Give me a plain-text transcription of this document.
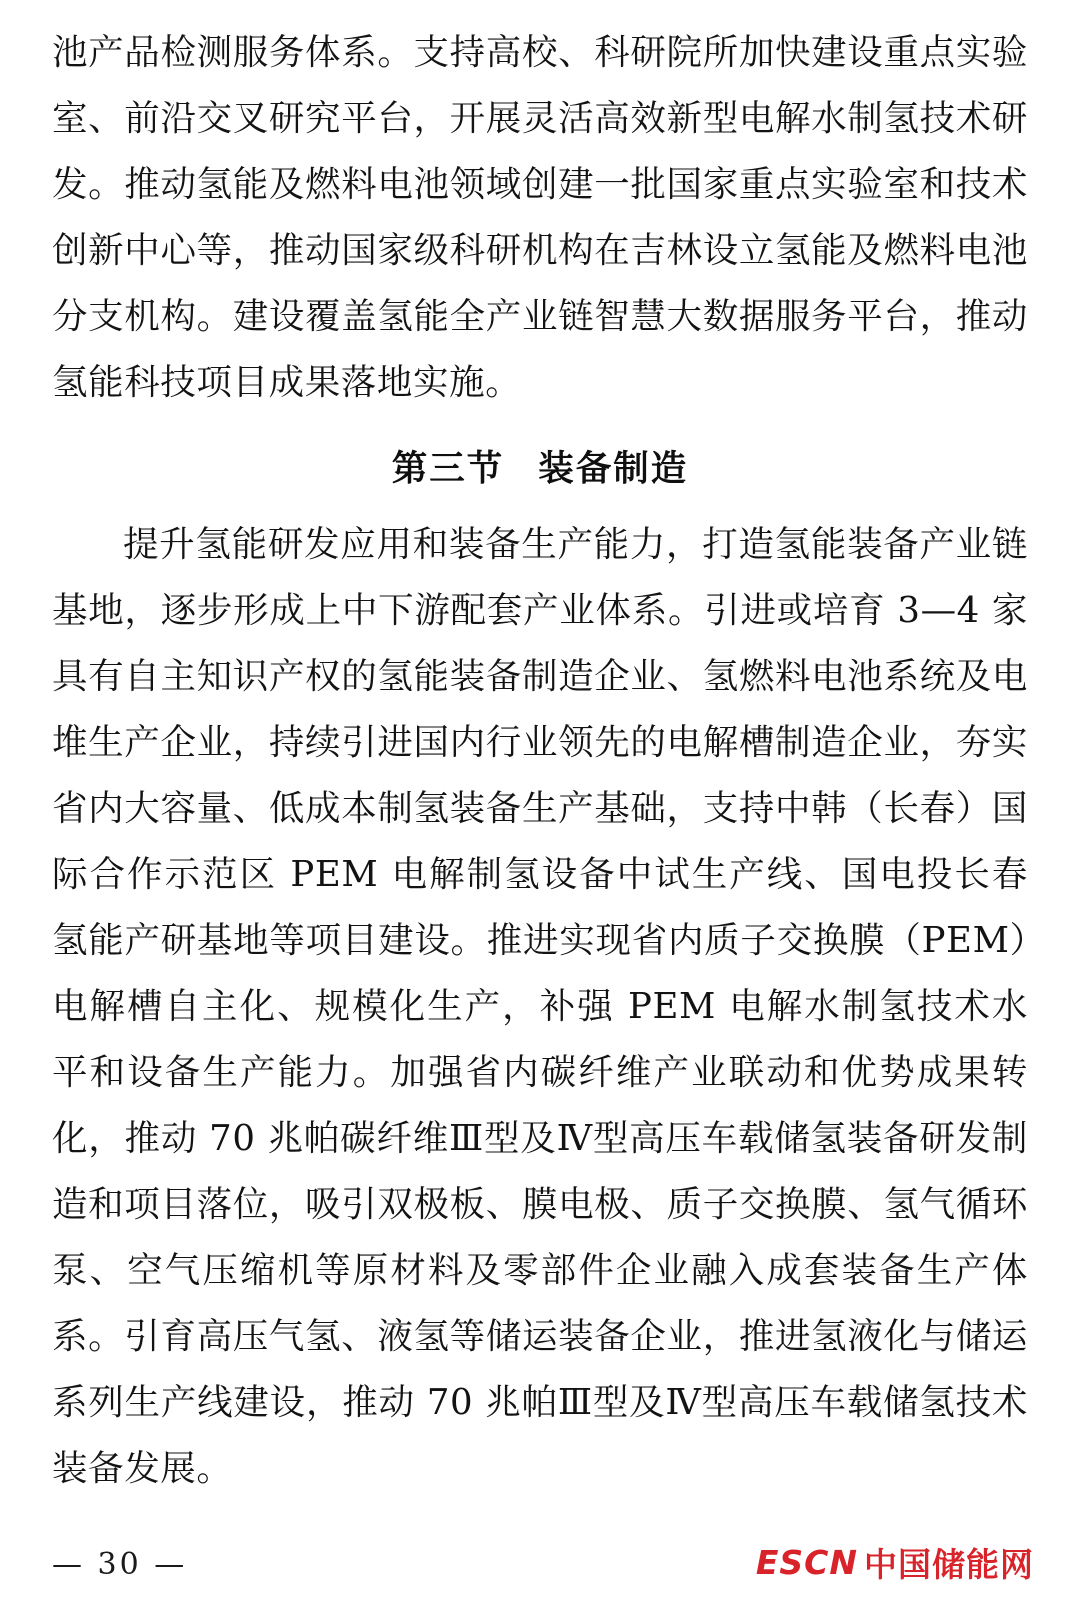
池产品检测服务体系。支持高校、科研院所加快建设重点实验室、前沿交叉研究平台，开展灵活高效新型电解水制氢技术研发。推动氢能及燃料电池领域创建一批国家重点实验室和技术创新中心等，推动国家级科研机构在吉林设立氢能及燃料电池分支机构。建设覆盖氢能全产业链智慧大数据服务平台，推动氢能科技项目成果落地实施。

第三节 装备制造

提升氢能研发应用和装备生产能力，打造氢能装备产业链基地，逐步形成上中下游配套产业体系。引进或培育 3—4 家具有自主知识产权的氢能装备制造企业、氢燃料电池系统及电堆生产企业，持续引进国内行业领先的电解槽制造企业，夯实省内大容量、低成本制氢装备生产基础，支持中韩（长春）国际合作示范区 PEM 电解制氢设备中试生产线、国电投长春氢能产研基地等项目建设。推进实现省内质子交换膜（PEM）电解槽自主化、规模化生产，补强 PEM 电解水制氢技术水平和设备生产能力。加强省内碳纤维产业联动和优势成果转化，推动 70 兆帕碳纤维Ⅲ型及Ⅳ型高压车载储氢装备研发制造和项目落位，吸引双极板、膜电极、质子交换膜、氢气循环泵、空气压缩机等原材料及零部件企业融入成套装备生产体系。引育高压气氢、液氢等储运装备企业，推进氢液化与储运系列生产线建设，推动 70 兆帕Ⅲ型及Ⅳ型高压车载储氢技术装备发展。

— 30 —	ESCN 中国储能网
